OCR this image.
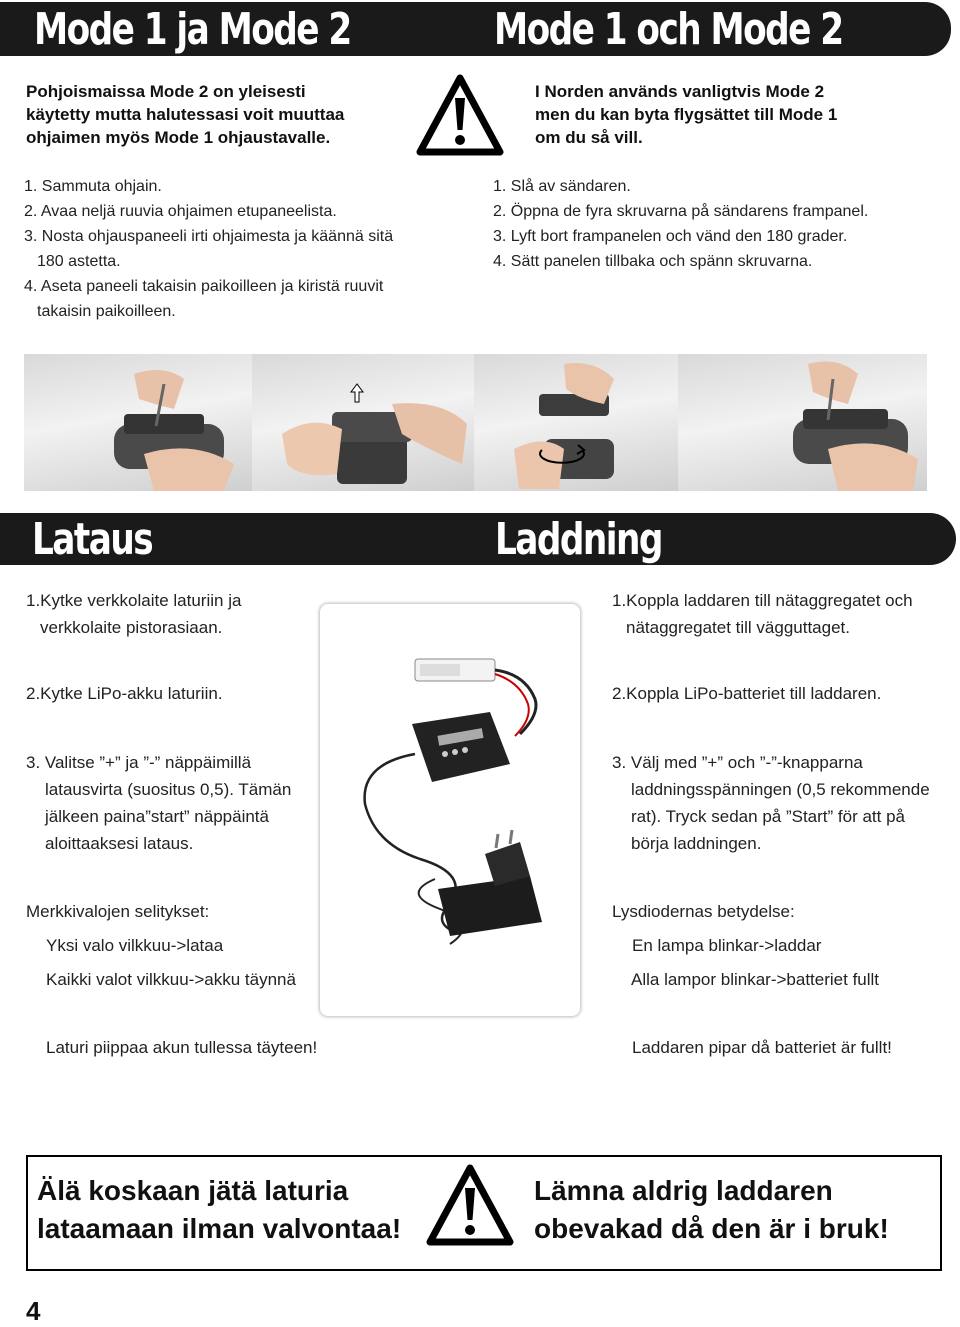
Mode 1 ja Mode 2	Mode 1 och Mode 2
Pohjoismaissa Mode 2 on yleisesti
käytetty mutta halutessasi voit muuttaa
ohjaimen myös Mode 1 ohjaustavalle.
I Norden används vanligtvis Mode 2
men du kan byta flygsättet till Mode 1
om du så vill.
1. Sammuta ohjain.
2. Avaa neljä ruuvia ohjaimen etupaneelista.
3. Nosta ohjauspaneeli irti ohjaimesta ja käännä sitä
180 astetta.
4. Aseta paneeli takaisin paikoilleen ja kiristä ruuvit
takaisin paikoilleen.
1. Slå av sändaren.
2. Öppna de fyra skruvarna på sändarens frampanel.
3. Lyft bort frampanelen och vänd den 180 grader.
4. Sätt panelen tillbaka och spänn skruvarna.
Lataus	Laddning
1.Kytke verkkolaite laturiin ja
verkkolaite pistorasiaan.
2.Kytke LiPo-akku laturiin.
3. Valitse ”+” ja ”-” näppäimillä
latausvirta (suositus 0,5). Tämän
jälkeen paina”start” näppäintä
aloittaaksesi lataus.
Merkkivalojen selitykset:
Yksi valo vilkkuu->lataa
Kaikki valot vilkkuu->akku täynnä
Laturi piippaa akun tullessa täyteen!
1.Koppla laddaren till nätaggregatet och
nätaggregatet till vägguttaget.
2.Koppla LiPo-batteriet till laddaren.
3. Välj med ”+” och ”-”-knapparna
laddningsspänningen (0,5 rekommende
rat). Tryck sedan på ”Start” för att på
börja laddningen.
Lysdiodernas betydelse:
En lampa blinkar->laddar
Alla lampor blinkar->batteriet fullt
Laddaren pipar då batteriet är fullt!
Älä koskaan jätä laturia
lataamaan ilman valvontaa!
Lämna aldrig laddaren
obevakad då den är i bruk!
4
